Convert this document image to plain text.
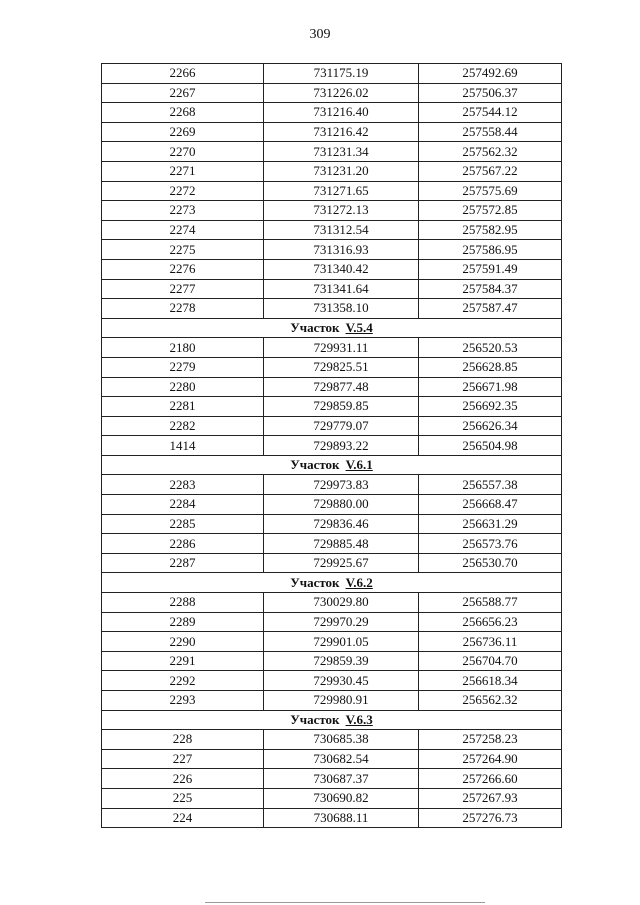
309
2266	731175.19	257492.69
2267	731226.02	257506.37
2268	731216.40	257544.12
2269	731216.42	257558.44
2270	731231.34	257562.32
2271	731231.20	257567.22
2272	731271.65	257575.69
2273	731272.13	257572.85
2274	731312.54	257582.95
2275	731316.93	257586.95
2276	731340.42	257591.49
2277	731341.64	257584.37
2278	731358.10	257587.47
Участок V.5.4		
2180	729931.11	256520.53
2279	729825.51	256628.85
2280	729877.48	256671.98
2281	729859.85	256692.35
2282	729779.07	256626.34
1414	729893.22	256504.98
Участок V.6.1		
2283	729973.83	256557.38
2284	729880.00	256668.47
2285	729836.46	256631.29
2286	729885.48	256573.76
2287	729925.67	256530.70
Участок V.6.2		
2288	730029.80	256588.77
2289	729970.29	256656.23
2290	729901.05	256736.11
2291	729859.39	256704.70
2292	729930.45	256618.34
2293	729980.91	256562.32
Участок V.6.3		
228	730685.38	257258.23
227	730682.54	257264.90
226	730687.37	257266.60
225	730690.82	257267.93
224	730688.11	257276.73
